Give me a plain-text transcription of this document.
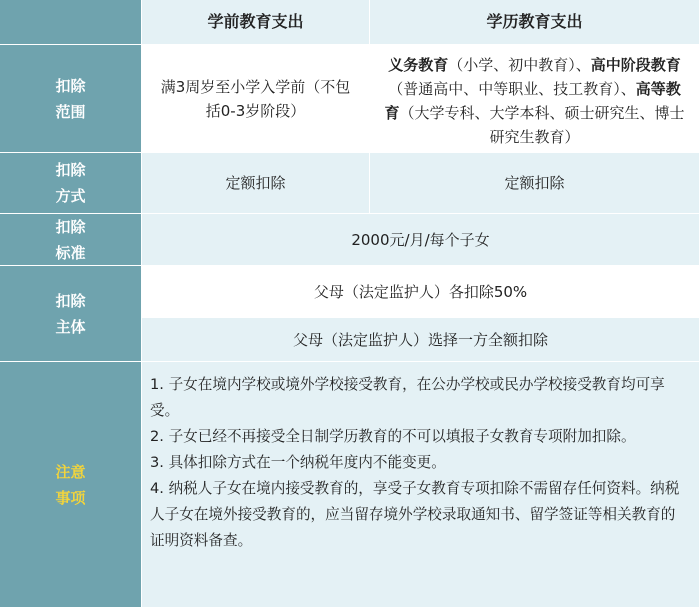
学前教育支出	学历教育支出
扣除
范围
满3周岁至小学入学前（不包括0-3岁阶段）
义务教育（小学、初中教育）、高中阶段教育（普通高中、中等职业、技工教育）、高等教育（大学专科、大学本科、硕士研究生、博士研究生教育）
扣除
方式
定额扣除	定额扣除
扣除
标准
2000元/月/每个子女
扣除
主体
父母（法定监护人）各扣除50%
父母（法定监护人）选择一方全额扣除
注意
事项

1. 子女在境内学校或境外学校接受教育，在公办学校或民办学校接受教育均可享受。

2. 子女已经不再接受全日制学历教育的不可以填报子女教育专项附加扣除。

3. 具体扣除方式在一个纳税年度内不能变更。

4. 纳税人子女在境内接受教育的，享受子女教育专项扣除不需留存任何资料。纳税人子女在境外接受教育的，应当留存境外学校录取通知书、留学签证等相关教育的证明资料备查。
